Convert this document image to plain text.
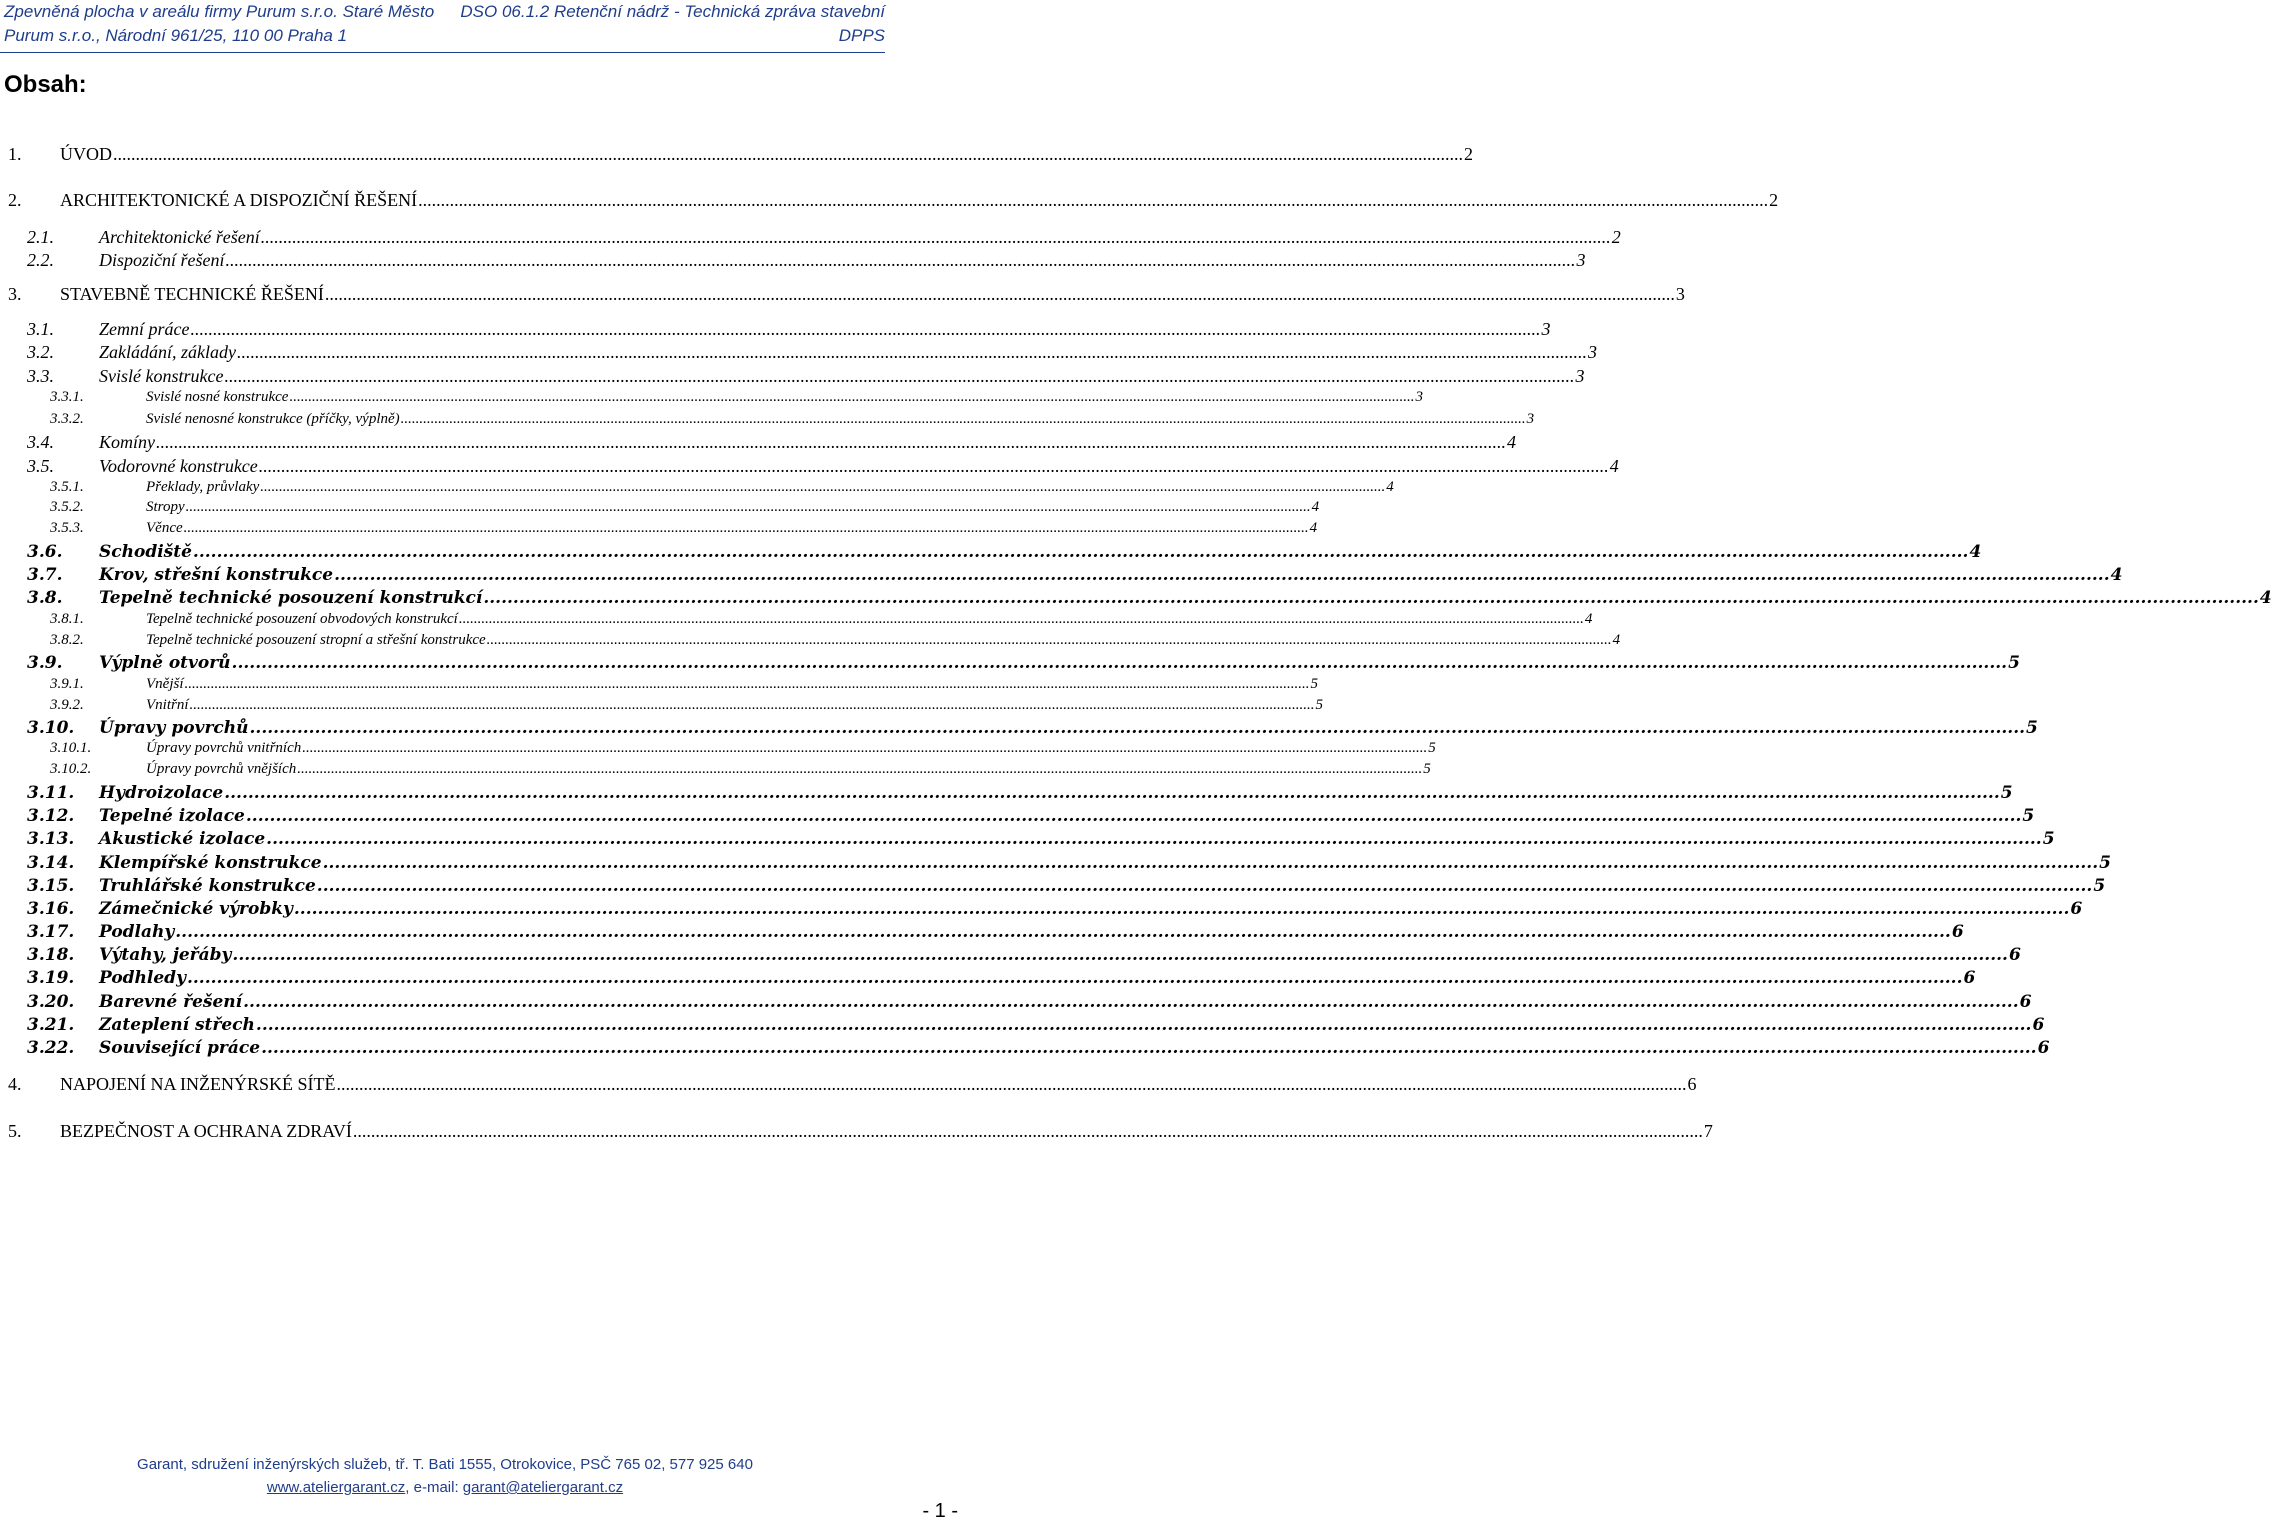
Zpevněná plocha v areálu firmy Purum s.r.o. Staré Město
Purum s.r.o., Národní 961/25, 110 00 Praha 1
DSO 06.1.2 Retenční nádrž - Technická zpráva stavební
DPPS
Obsah:
1.	ÚVOD ............................................................................................................................................................................................................................................................................................................ 2
2.	ARCHITEKTONICKÉ A DISPOZIČNÍ ŘEŠENÍ ............................................................................................................................................................................................................................................................................................................ 2
2.1.	Architektonické řešení ............................................................................................................................................................................................................................................................................................................ 2
2.2.	Dispoziční řešení ............................................................................................................................................................................................................................................................................................................ 3
3.	STAVEBNĚ TECHNICKÉ ŘEŠENÍ ............................................................................................................................................................................................................................................................................................................ 3
3.1.	Zemní práce ............................................................................................................................................................................................................................................................................................................ 3
3.2.	Zakládání, základy ............................................................................................................................................................................................................................................................................................................ 3
3.3.	Svislé konstrukce ............................................................................................................................................................................................................................................................................................................ 3
3.3.1.	Svislé nosné konstrukce ............................................................................................................................................................................................................................................................................................................ 3
3.3.2.	Svislé nenosné konstrukce (příčky, výplně) ............................................................................................................................................................................................................................................................................................................ 3
3.4.	Komíny ............................................................................................................................................................................................................................................................................................................ 4
3.5.	Vodorovné konstrukce ............................................................................................................................................................................................................................................................................................................ 4
3.5.1.	Překlady, průvlaky ............................................................................................................................................................................................................................................................................................................ 4
3.5.2.	Stropy ............................................................................................................................................................................................................................................................................................................ 4
3.5.3.	Věnce ............................................................................................................................................................................................................................................................................................................ 4
3.6.	Schodiště ............................................................................................................................................................................................................................................................................................................ 4
3.7.	Krov, střešní konstrukce ............................................................................................................................................................................................................................................................................................................ 4
3.8.	Tepelně technické posouzení konstrukcí ............................................................................................................................................................................................................................................................................................................ 4
3.8.1.	Tepelně technické posouzení obvodových konstrukcí ............................................................................................................................................................................................................................................................................................................ 4
3.8.2.	Tepelně technické posouzení stropní a střešní konstrukce ............................................................................................................................................................................................................................................................................................................ 4
3.9.	Výplně otvorů ............................................................................................................................................................................................................................................................................................................ 5
3.9.1.	Vnější ............................................................................................................................................................................................................................................................................................................ 5
3.9.2.	Vnitřní ............................................................................................................................................................................................................................................................................................................ 5
3.10.	Úpravy povrchů ............................................................................................................................................................................................................................................................................................................ 5
3.10.1.	Úpravy povrchů vnitřních ............................................................................................................................................................................................................................................................................................................ 5
3.10.2.	Úpravy povrchů vnějších ............................................................................................................................................................................................................................................................................................................ 5
3.11.	Hydroizolace ............................................................................................................................................................................................................................................................................................................ 5
3.12.	Tepelné izolace ............................................................................................................................................................................................................................................................................................................ 5
3.13.	Akustické izolace ............................................................................................................................................................................................................................................................................................................ 5
3.14.	Klempířské konstrukce ............................................................................................................................................................................................................................................................................................................ 5
3.15.	Truhlářské konstrukce ............................................................................................................................................................................................................................................................................................................ 5
3.16.	Zámečnické výrobky ............................................................................................................................................................................................................................................................................................................ 6
3.17.	Podlahy ............................................................................................................................................................................................................................................................................................................ 6
3.18.	Výtahy, jeřáby ............................................................................................................................................................................................................................................................................................................ 6
3.19.	Podhledy ............................................................................................................................................................................................................................................................................................................ 6
3.20.	Barevné řešení ............................................................................................................................................................................................................................................................................................................ 6
3.21.	Zateplení střech ............................................................................................................................................................................................................................................................................................................ 6
3.22.	Související práce ............................................................................................................................................................................................................................................................................................................ 6
4.	NAPOJENÍ NA INŽENÝRSKÉ SÍTĚ ............................................................................................................................................................................................................................................................................................................ 6
5.	BEZPEČNOST A OCHRANA ZDRAVÍ ............................................................................................................................................................................................................................................................................................................ 7
Garant, sdružení inženýrských služeb, tř. T. Bati 1555, Otrokovice, PSČ 765 02, 577 925 640
www.ateliergarant.cz, e-mail: garant@ateliergarant.cz
- 1 -
